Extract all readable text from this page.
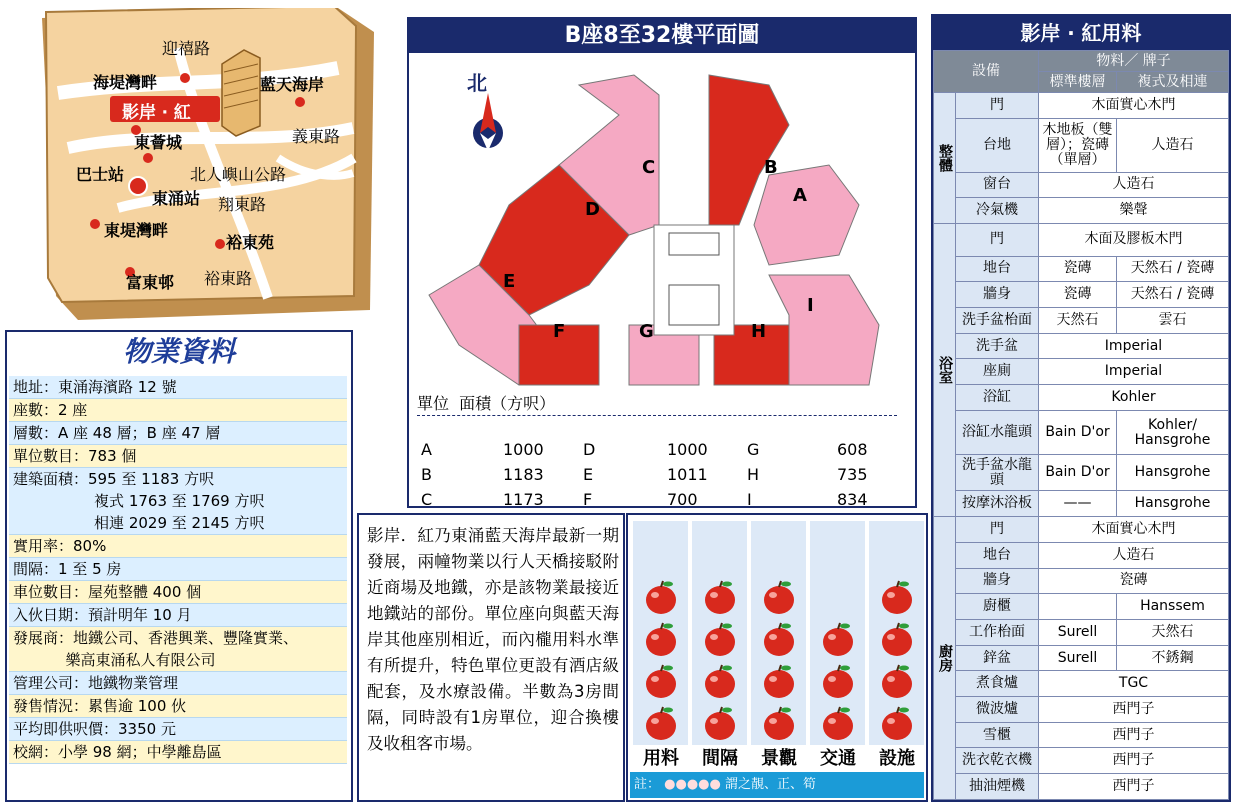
迎禧路
義東路
北人嶼山公路
翔東路
裕東路
海堤灣畔	藍天海岸
東薈城
巴士站
東涌站
東堤灣畔
裕東苑
富東邨
影岸 ‧ 紅
物業資料
地址：東涌海濱路 12 號
座數：2 座
層數：A 座 48 層；B 座 47 層
單位數目：783 個
建築面積：595 至 1183 方呎
複式 1763 至 1769 方呎
相連 2029 至 2145 方呎
實用率：80%
間隔：1 至 5 房
車位數目：屋苑整體 400 個
入伙日期：預計明年 10 月
發展商：地鐵公司、香港興業、豐隆實業、
樂高東涌私人有限公司
管理公司：地鐵物業管理
發售情況：累售逾 100 伙
平均即供呎價：3350 元
校網：小學 98 網；中學離島區
B座8至32樓平面圖
北
C	B
A
D
E
F	G	H
I
單位  面積（方呎）
A	1000	D	1000	G	608
B	1183	E	1011	H	735
C	1173	F	700	I	834

影岸．紅乃東涌藍天海岸最新一期發展，兩幢物業以行人天橋接駁附近商場及地鐵，亦是該物業最接近地鐵站的部份。單位座向與藍天海岸其他座別相近，而內櫳用料水準有所提升，特色單位更設有酒店級配套，及水療設備。半數為3房間隔，同時設有1房單位，迎合換樓及收租客市場。

用料	間隔	景觀	交通	設施
註： ●●●●● 謂之靚、正、筍
影岸 ‧ 紅用料
設備		物料／ 牌子	
		標準樓層	複式及相連
整體	門	木面實心木門	
	台地	木地板（雙層）；瓷磚（單層）	人造石
	窗台	人造石	
	冷氣機	樂聲	
浴室	門	木面及膠板木門	
	地台	瓷磚	天然石 / 瓷磚
	牆身	瓷磚	天然石 / 瓷磚
	洗手盆枱面	天然石	雲石
	洗手盆	Imperial	
	座廁	Imperial	
	浴缸	Kohler	
	浴缸水龍頭	Bain D'or	Kohler/ Hansgrohe
	洗手盆水龍頭	Bain D'or	Hansgrohe
	按摩沐浴板	——	Hansgrohe
廚房	門	木面實心木門	
	地台	人造石	
	牆身	瓷磚	
	廚櫃		Hanssem
	工作枱面	Surell	天然石
	鋅盆	Surell	不銹鋼
	煮食爐	TGC	
	微波爐	西門子	
	雪櫃	西門子	
	洗衣乾衣機	西門子	
	抽油煙機	西門子	
